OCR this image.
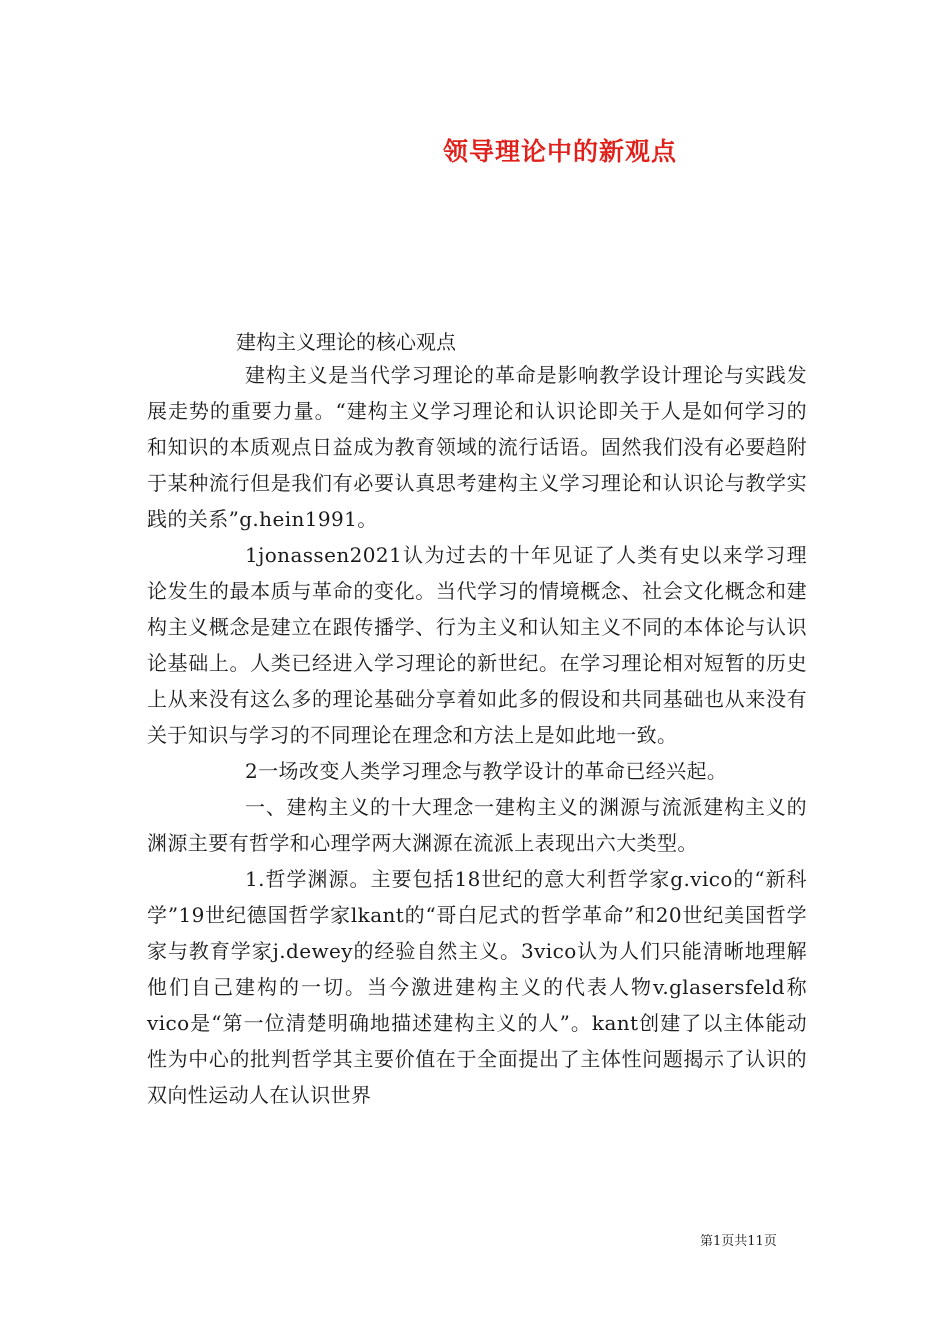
领导理论中的新观点
建构主义理论的核心观点

建构主义是当代学习理论的革命是影响教学设计理论与实践发展走势的重要力量。“建构主义学习理论和认识论即关于人是如何学习的和知识的本质观点日益成为教育领域的流行话语。固然我们没有必要趋附于某种流行但是我们有必要认真思考建构主义学习理论和认识论与教学实践的关系”g.hein1991。

1jonassen2021认为过去的十年见证了人类有史以来学习理论发生的最本质与革命的变化。当代学习的情境概念、社会文化概念和建构主义概念是建立在跟传播学、行为主义和认知主义不同的本体论与认识论基础上。人类已经进入学习理论的新世纪。在学习理论相对短暂的历史上从来没有这么多的理论基础分享着如此多的假设和共同基础也从来没有关于知识与学习的不同理论在理念和方法上是如此地一致。

2一场改变人类学习理念与教学设计的革命已经兴起。

一、建构主义的十大理念一建构主义的渊源与流派建构主义的渊源主要有哲学和心理学两大渊源在流派上表现出六大类型。

1.哲学渊源。主要包括18世纪的意大利哲学家g.vico的“新科学”19世纪德国哲学家lkant的“哥白尼式的哲学革命”和20世纪美国哲学家与教育学家j.dewey的经验自然主义。3vico认为人们只能清晰地理解他们自己建构的一切。当今激进建构主义的代表人物v.glasersfeld称vico是“第一位清楚明确地描述建构主义的人”。kant创建了以主体能动性为中心的批判哲学其主要价值在于全面提出了主体性问题揭示了认识的双向性运动人在认识世界

第1页共11页
